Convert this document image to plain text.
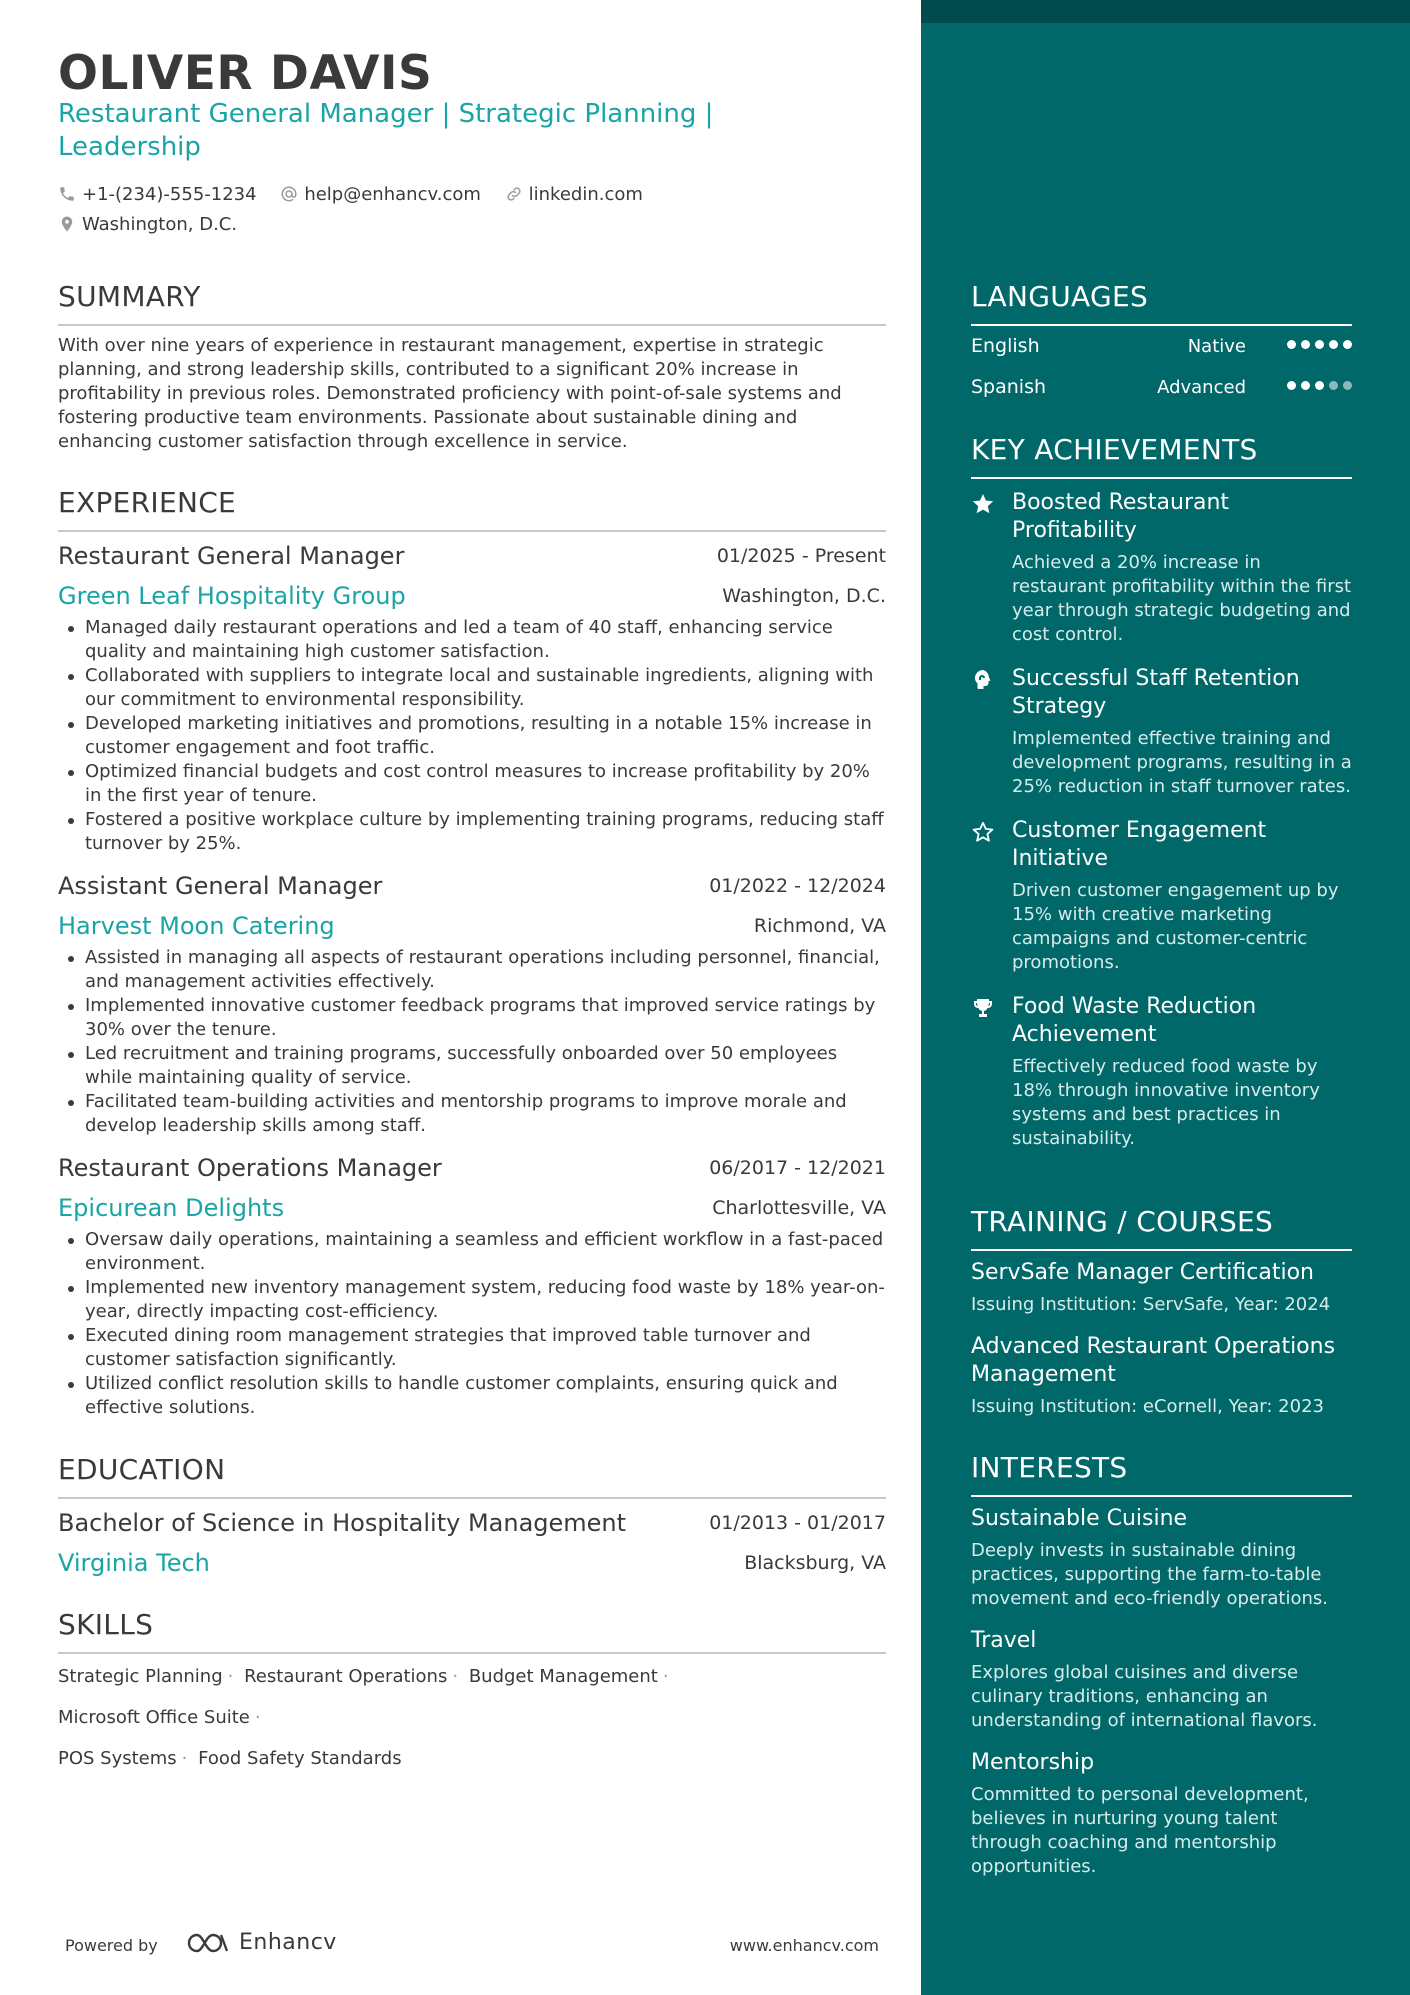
OLIVER DAVIS
Restaurant General Manager | Strategic Planning |
Leadership
+1-(234)-555-1234
	help@enhancv.com
	linkedin.com
Washington, D.C.
SUMMARY
With over nine years of experience in restaurant management, expertise in strategic planning, and strong leadership skills, contributed to a significant 20% increase in profitability in previous roles. Demonstrated proficiency with point-of-sale systems and fostering productive team environments. Passionate about sustainable dining and enhancing customer satisfaction through excellence in service.
EXPERIENCE
Restaurant General Manager	01/2025 - Present
Green Leaf Hospitality Group	Washington, D.C.
Managed daily restaurant operations and led a team of 40 staff, enhancing service quality and maintaining high customer satisfaction.
Collaborated with suppliers to integrate local and sustainable ingredients, aligning with our commitment to environmental responsibility.
Developed marketing initiatives and promotions, resulting in a notable 15% increase in customer engagement and foot traffic.
Optimized financial budgets and cost control measures to increase profitability by 20% in the first year of tenure.
Fostered a positive workplace culture by implementing training programs, reducing staff turnover by 25%.
Assistant General Manager	01/2022 - 12/2024
Harvest Moon Catering	Richmond, VA
Assisted in managing all aspects of restaurant operations including personnel, financial, and management activities effectively.
Implemented innovative customer feedback programs that improved service ratings by 30% over the tenure.
Led recruitment and training programs, successfully onboarded over 50 employees while maintaining quality of service.
Facilitated team-building activities and mentorship programs to improve morale and develop leadership skills among staff.
Restaurant Operations Manager	06/2017 - 12/2021
Epicurean Delights	Charlottesville, VA
Oversaw daily operations, maintaining a seamless and efficient workflow in a fast-paced environment.
Implemented new inventory management system, reducing food waste by 18% year-on-year, directly impacting cost-efficiency.
Executed dining room management strategies that improved table turnover and customer satisfaction significantly.
Utilized conflict resolution skills to handle customer complaints, ensuring quick and effective solutions.
EDUCATION
Bachelor of Science in Hospitality Management	01/2013 - 01/2017
Virginia Tech	Blacksburg, VA
SKILLS
Strategic Planning · Restaurant Operations · Budget Management · Microsoft Office Suite ·
POS Systems · Food Safety Standards
Powered by	Enhancv	www.enhancv.com
LANGUAGES
English	Native
Spanish	Advanced
KEY ACHIEVEMENTS
Boosted Restaurant Profitability
Achieved a 20% increase in restaurant profitability within the first year through strategic budgeting and cost control.
Successful Staff Retention Strategy
Implemented effective training and development programs, resulting in a 25% reduction in staff turnover rates.
Customer Engagement Initiative
Driven customer engagement up by 15% with creative marketing campaigns and customer-centric promotions.
Food Waste Reduction Achievement
Effectively reduced food waste by 18% through innovative inventory systems and best practices in sustainability.
TRAINING / COURSES
ServSafe Manager Certification
Issuing Institution: ServSafe, Year: 2024
Advanced Restaurant Operations Management
Issuing Institution: eCornell, Year: 2023
INTERESTS
Sustainable Cuisine
Deeply invests in sustainable dining practices, supporting the farm-to-table movement and eco-friendly operations.
Travel
Explores global cuisines and diverse culinary traditions, enhancing an understanding of international flavors.
Mentorship
Committed to personal development, believes in nurturing young talent through coaching and mentorship opportunities.
